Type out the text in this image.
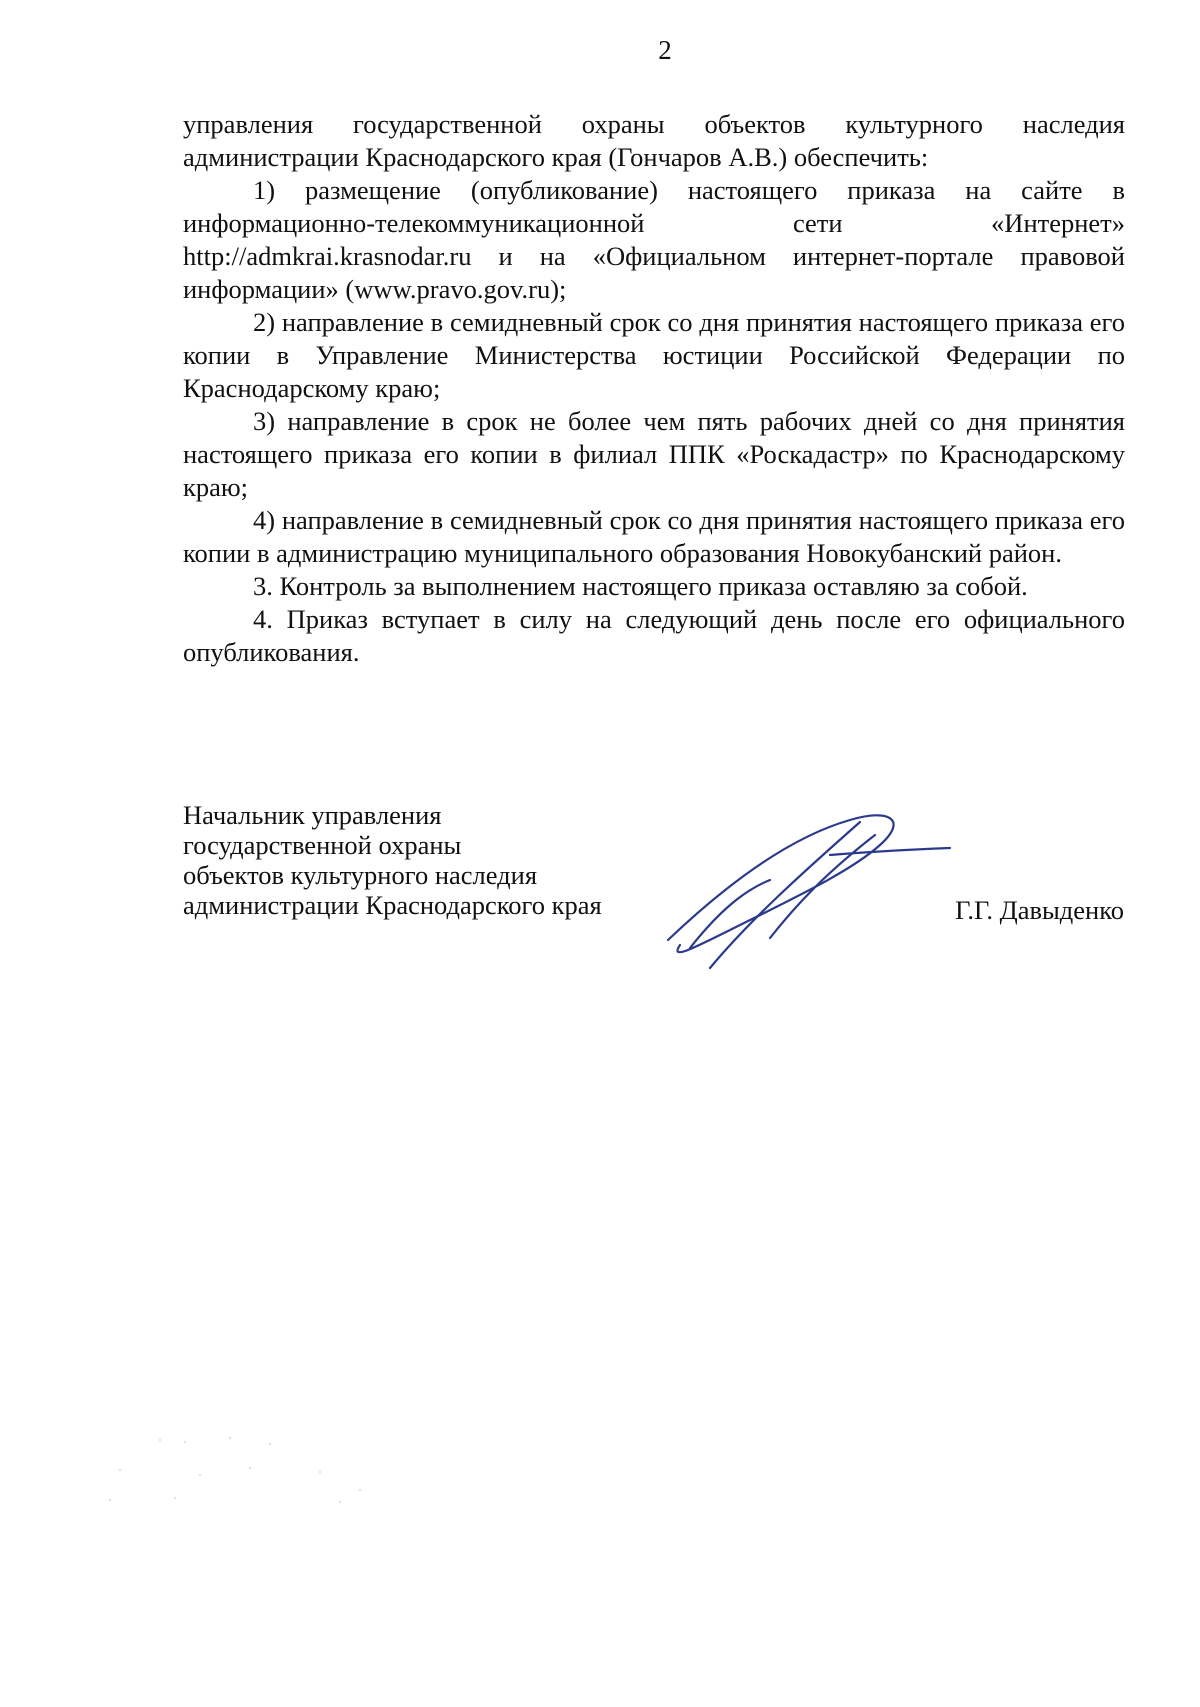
2

управления государственной охраны объектов культурного наследия администрации Краснодарского края (Гончаров А.В.) обеспечить:

1) размещение (опубликование) настоящего приказа на сайте в информационно-телекоммуникационной сети «Интернет» http://admkrai.krasnodar.ru и на «Официальном интернет-портале правовой информации» (www.pravo.gov.ru);

2) направление в семидневный срок со дня принятия настоящего приказа его копии в Управление Министерства юстиции Российской Федерации по Краснодарскому краю;

3) направление в срок не более чем пять рабочих дней со дня принятия настоящего приказа его копии в филиал ППК «Роскадастр» по Краснодарскому краю;

4) направление в семидневный срок со дня принятия настоящего приказа его копии в администрацию муниципального образования Новокубанский район.

3. Контроль за выполнением настоящего приказа оставляю за собой.

4. Приказ вступает в силу на следующий день после его официального опубликования.

Начальник управления
государственной охраны
объектов культурного наследия
администрации Краснодарского края	Г.Г. Давыденко
